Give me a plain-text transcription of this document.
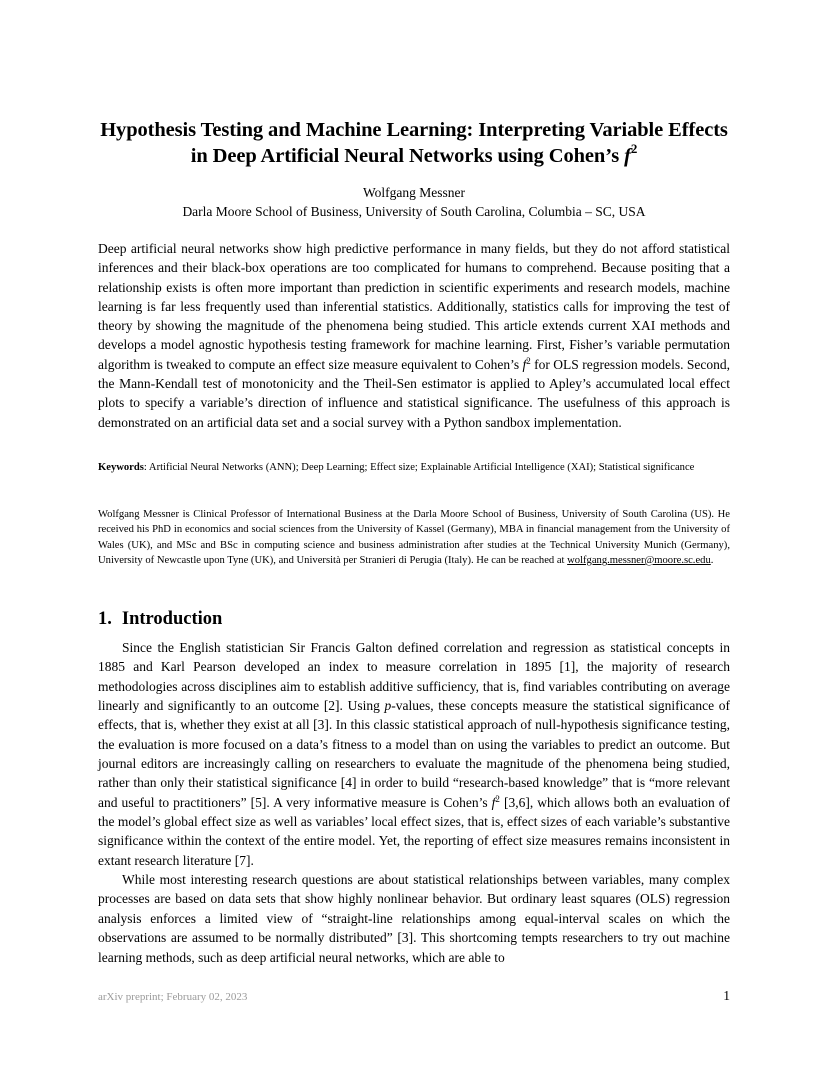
Hypothesis Testing and Machine Learning: Interpreting Variable Effects
in Deep Artificial Neural Networks using Cohen’s $f^2$
Wolfgang Messner
Darla Moore School of Business, University of South Carolina, Columbia – SC, USA
Deep artificial neural networks show high predictive performance in many fields, but they do not afford statistical inferences and their black-box operations are too complicated for humans to comprehend. Because positing that a relationship exists is often more important than prediction in scientific experiments and research models, machine learning is far less frequently used than inferential statistics. Additionally, statistics calls for improving the test of theory by showing the magnitude of the phenomena being studied. This article extends current XAI methods and develops a model agnostic hypothesis testing framework for machine learning. First, Fisher’s variable permutation algorithm is tweaked to compute an effect size measure equivalent to Cohen’s $f^2$ for OLS regression models. Second, the Mann-Kendall test of monotonicity and the Theil-Sen estimator is applied to Apley’s accumulated local effect plots to specify a variable’s direction of influence and statistical significance. The usefulness of this approach is demonstrated on an artificial data set and a social survey with a Python sandbox implementation.
Keywords: Artificial Neural Networks (ANN); Deep Learning; Effect size; Explainable Artificial Intelligence (XAI); Statistical significance
Wolfgang Messner is Clinical Professor of International Business at the Darla Moore School of Business, University of South Carolina (US). He received his PhD in economics and social sciences from the University of Kassel (Germany), MBA in financial management from the University of Wales (UK), and MSc and BSc in computing science and business administration after studies at the Technical University Munich (Germany), University of Newcastle upon Tyne (UK), and Università per Stranieri di Perugia (Italy). He can be reached at wolfgang.messner@moore.sc.edu.
1. Introduction

Since the English statistician Sir Francis Galton defined correlation and regression as statistical concepts in 1885 and Karl Pearson developed an index to measure correlation in 1895 [1], the majority of research methodologies across disciplines aim to establish additive sufficiency, that is, find variables contributing on average linearly and significantly to an outcome [2]. Using p-values, these concepts measure the statistical significance of effects, that is, whether they exist at all [3]. In this classic statistical approach of null-hypothesis significance testing, the evaluation is more focused on a data’s fitness to a model than on using the variables to predict an outcome. But journal editors are increasingly calling on researchers to evaluate the magnitude of the phenomena being studied, rather than only their statistical significance [4] in order to build “research-based knowledge” that is “more relevant and useful to practitioners” [5]. A very informative measure is Cohen’s $f^2$ [3,6], which allows both an evaluation of the model’s global effect size as well as variables’ local effect sizes, that is, effect sizes of each variable’s substantive significance within the context of the entire model. Yet, the reporting of effect size measures remains inconsistent in extant research literature [7].

While most interesting research questions are about statistical relationships between variables, many complex processes are based on data sets that show highly nonlinear behavior. But ordinary least squares (OLS) regression analysis enforces a limited view of “straight-line relationships among equal-interval scales on which the observations are assumed to be normally distributed” [3]. This shortcoming tempts researchers to try out machine learning methods, such as deep artificial neural networks, which are able to

arXiv preprint; February 02, 2023	1
